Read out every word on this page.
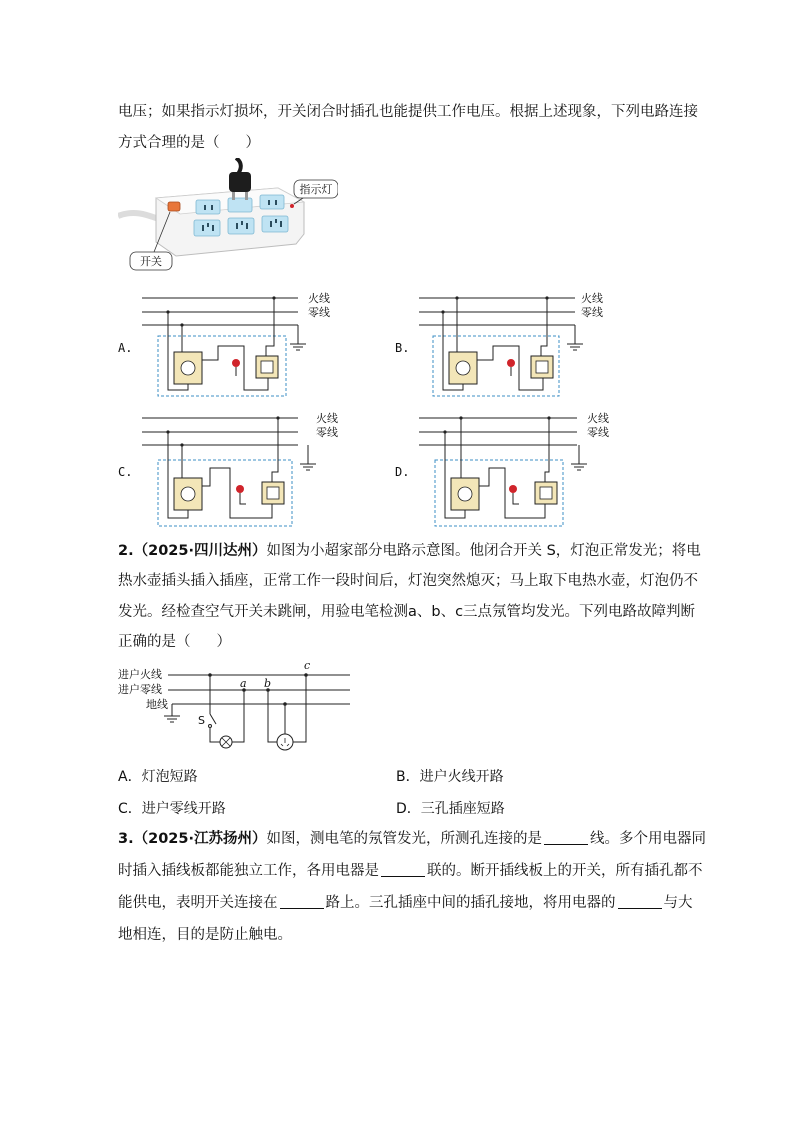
电压；如果指示灯损坏，开关闭合时插孔也能提供工作电压。根据上述现象，下列电路连接
方式合理的是（ ）
指示灯
开关
A.
火线
零线
B.
火线
零线
C.
火线
零线
D.
火线
零线
2.（2025·四川达州）如图为小超家部分电路示意图。他闭合开关 S，灯泡正常发光；将电
热水壶插头插入插座，正常工作一段时间后，灯泡突然熄灭；马上取下电热水壶，灯泡仍不
发光。经检查空气开关未跳闸，用验电笔检测a、b、c三点氖管均发光。下列电路故障判断
正确的是（ ）
进户火线
进户零线
地线
S
a b
c
A．灯泡短路	B．进户火线开路
C．进户零线开路	D．三孔插座短路
3.（2025·江苏扬州）如图，测电笔的氖管发光，所测孔连接的是	线。多个用电器同
时插入插线板都能独立工作，各用电器是	联的。断开插线板上的开关，所有插孔都不
能供电，表明开关连接在	路上。三孔插座中间的插孔接地，将用电器的	与大
地相连，目的是防止触电。
